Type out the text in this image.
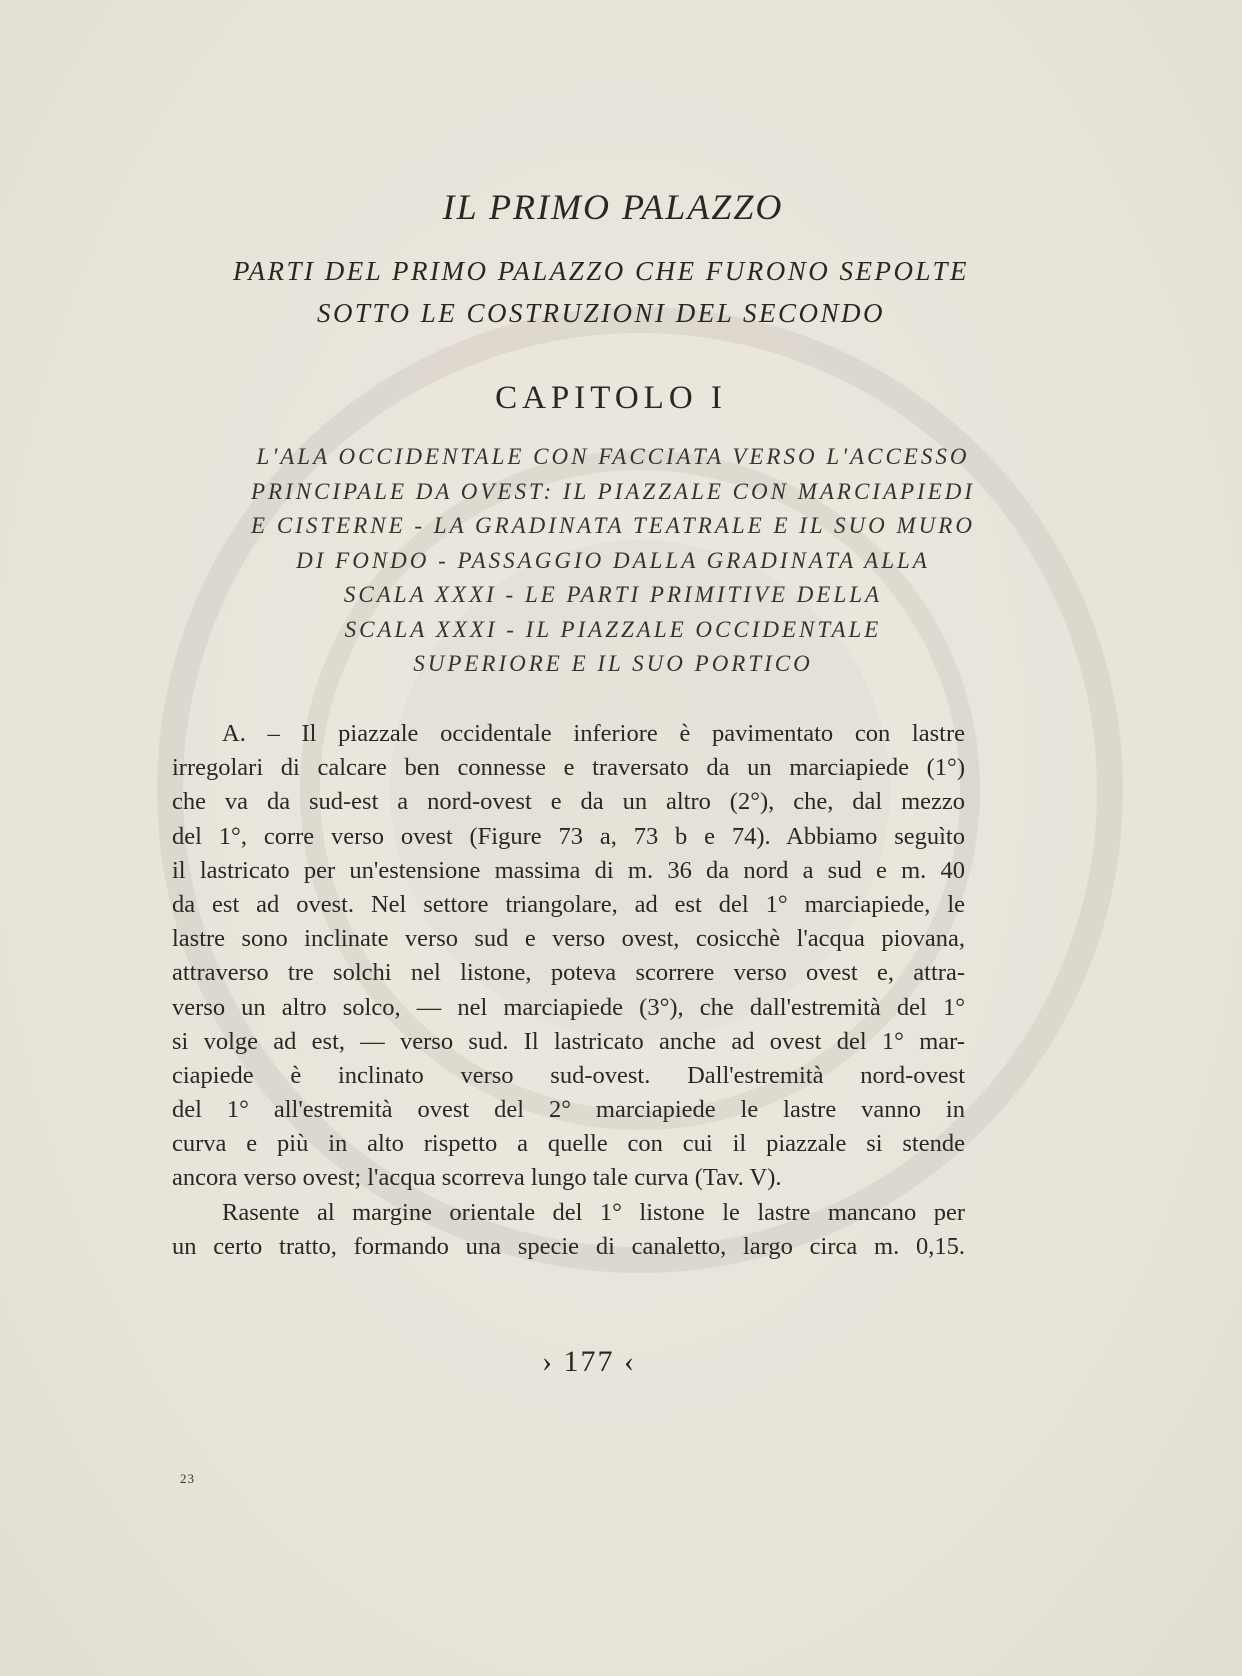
IL PRIMO PALAZZO
PARTI DEL PRIMO PALAZZO CHE FURONO SEPOLTE
SOTTO LE COSTRUZIONI DEL SECONDO
CAPITOLO I
L'ALA OCCIDENTALE CON FACCIATA VERSO L'ACCESSO
PRINCIPALE DA OVEST: IL PIAZZALE CON MARCIAPIEDI
E CISTERNE - LA GRADINATA TEATRALE E IL SUO MURO
DI FONDO - PASSAGGIO DALLA GRADINATA ALLA
SCALA XXXI - LE PARTI PRIMITIVE DELLA
SCALA XXXI - IL PIAZZALE OCCIDENTALE
SUPERIORE E IL SUO PORTICO
A. – Il piazzale occidentale inferiore è pavimentato con lastre
irregolari di calcare ben connesse e traversato da un marciapiede (1°)
che va da sud-est a nord-ovest e da un altro (2°), che, dal mezzo
del 1°, corre verso ovest (Figure 73 a, 73 b e 74). Abbiamo seguìto
il lastricato per un'estensione massima di m. 36 da nord a sud e m. 40
da est ad ovest. Nel settore triangolare, ad est del 1° marciapiede, le
lastre sono inclinate verso sud e verso ovest, cosicchè l'acqua piovana,
attraverso tre solchi nel listone, poteva scorrere verso ovest e, attra-
verso un altro solco, — nel marciapiede (3°), che dall'estremità del 1°
si volge ad est, — verso sud. Il lastricato anche ad ovest del 1° mar-
ciapiede è inclinato verso sud-ovest. Dall'estremità nord-ovest
del 1° all'estremità ovest del 2° marciapiede le lastre vanno in
curva e più in alto rispetto a quelle con cui il piazzale si stende
ancora verso ovest; l'acqua scorreva lungo tale curva (Tav. V).
Rasente al margine orientale del 1° listone le lastre mancano per
un certo tratto, formando una specie di canaletto, largo circa m. 0,15.
› 177 ‹
23
